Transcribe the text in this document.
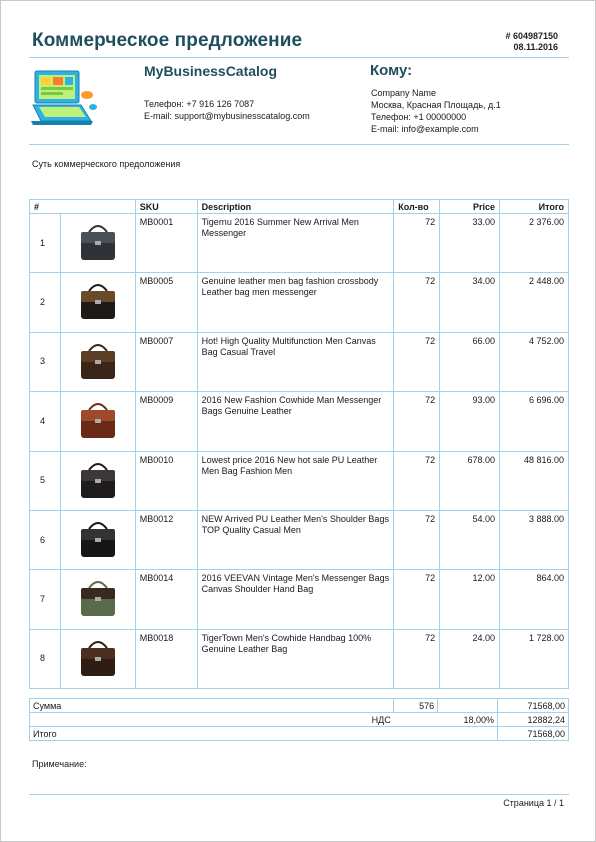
Коммерческое предложение	# 604987150
08.11.2016
MyBusinessCatalog
Телефон: +7 916 126 7087
E-mail: support@mybusinesscatalog.com
Кому:
Company Name
Москва, Красная Площадь, д.1
Телефон: +1 00000000
E-mail: info@example.com
Суть коммерческого предоложения
#		SKU	Description	Кол-во	Price	Итого
1		MB0001	Tigernu 2016 Summer New Arrival Men Messenger	72	33.00	2 376.00
2		MB0005	Genuine leather men bag fashion crossbody Leather bag men messenger	72	34.00	2 448.00
3		MB0007	Hot! High Quality Multifunction Men Canvas Bag Casual Travel	72	66.00	4 752.00
4		MB0009	2016 New Fashion Cowhide Man Messenger Bags Genuine Leather	72	93.00	6 696.00
5		MB0010	Lowest price 2016 New hot sale PU Leather Men Bag Fashion Men	72	678.00	48 816.00
6		MB0012	NEW Arrived PU Leather Men's Shoulder Bags TOP Quality Casual Men	72	54.00	3 888.00
7		MB0014	2016 VEEVAN Vintage Men's Messenger Bags Canvas Shoulder Hand Bag	72	12.00	864.00
8		MB0018	TigerTown Men's Cowhide Handbag 100% Genuine Leather Bag	72	24.00	1 728.00
Сумма	576		71568,00
НДС	18,00%		12882,24
Итого			71568,00
Примечание:
Страница 1 / 1
